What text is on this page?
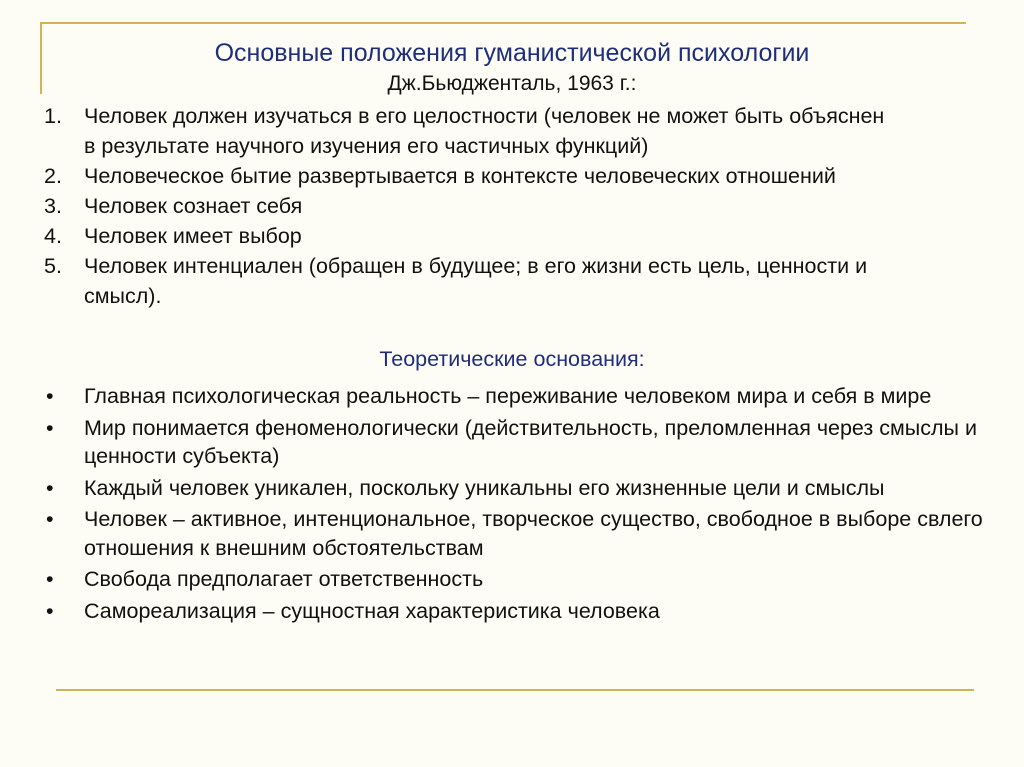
Основные положения гуманистической психологии
Дж.Бьюдженталь, 1963 г.:
1. Человек должен изучаться в его целостности (человек не может быть объяснен в результате научного изучения его частичных функций)
2. Человеческое бытие развертывается в контексте человеческих отношений
3. Человек сознает себя
4. Человек имеет выбор
5. Человек интенциален (обращен в будущее; в его жизни есть цель, ценности и смысл).
Теоретические основания:
• Главная психологическая реальность – переживание человеком мира и себя в мире
• Мир понимается феноменологически (действительность, преломленная через смыслы и ценности субъекта)
• Каждый человек уникален, поскольку уникальны его жизненные цели и смыслы
• Человек – активное, интенциональное, творческое существо, свободное в выборе свлего отношения к внешним обстоятельствам
• Свобода предполагает ответственность
• Самореализация – сущностная характеристика человека
